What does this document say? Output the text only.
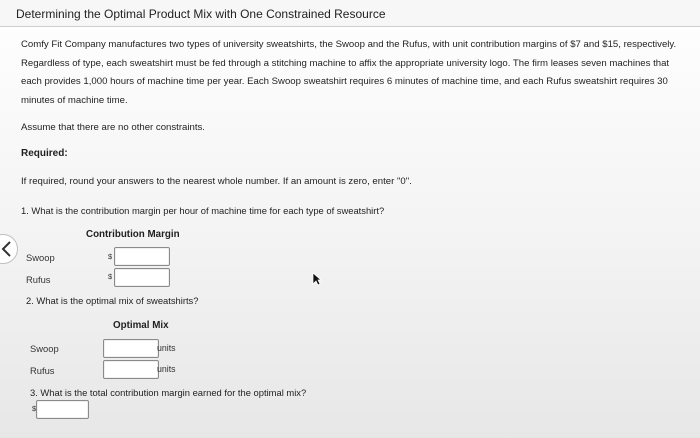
Determining the Optimal Product Mix with One Constrained Resource
Comfy Fit Company manufactures two types of university sweatshirts, the Swoop and the Rufus, with unit contribution margins of $7 and $15, respectively. Regardless of type, each sweatshirt must be fed through a stitching machine to affix the appropriate university logo. The firm leases seven machines that each provides 1,000 hours of machine time per year. Each Swoop sweatshirt requires 6 minutes of machine time, and each Rufus sweatshirt requires 30 minutes of machine time.
Assume that there are no other constraints.
Required:
If required, round your answers to the nearest whole number. If an amount is zero, enter "0".
1. What is the contribution margin per hour of machine time for each type of sweatshirt?
Contribution Margin
Swoop	$
Rufus	$
2. What is the optimal mix of sweatshirts?
Optimal Mix
Swoop	units
Rufus	units
3. What is the total contribution margin earned for the optimal mix?
$
